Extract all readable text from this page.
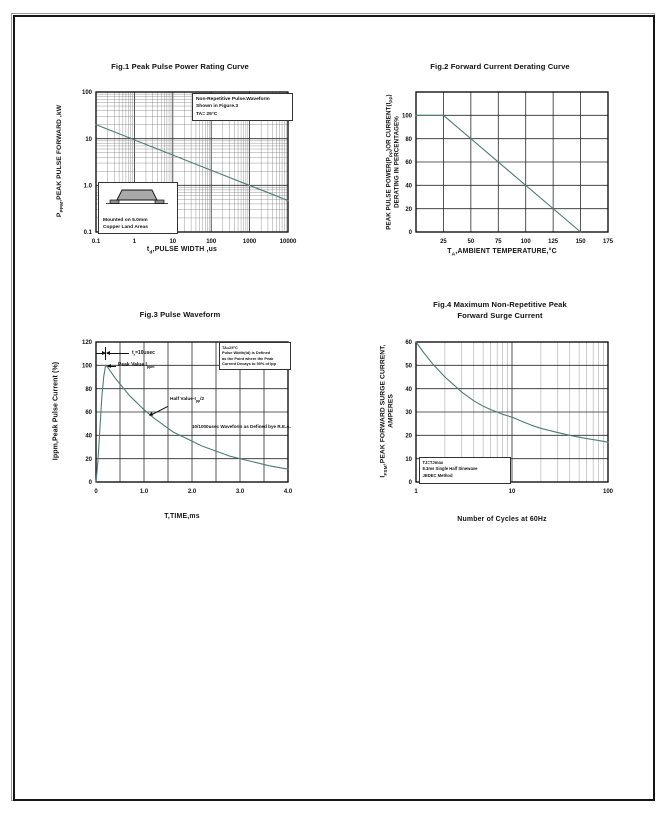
Fig.1 Peak Pulse Power Rating Curve
0.1	1	10	100	1000	10000
0.1
1.0
10
100
$t_d,PULSE$ WIDTH ,us
$P_{PPM},PEAK$ PULSE FORWARD ,kW
Non-Repetitive Pulse.Waveform
Shown in Figure.3
TA= 25°C
Mounted on 5.0mm
Copper Land Areas
Fig.2 Forward Current Derating Curve
25	50	75	100	125	150	175
0
20
40
60
80
100
$T_A,AMBIENT$ TEMPERATURE,°C
PEAK PULSE $POWER(P_{PP})OR$ $CURRENT(I_{PP})$
DERATING IN PERCENTAGE%
Fig.3 Pulse Waveform
0	1.0	2.0	3.0	4.0
0
20
40
60
80
100
120
T,TIME,ms
Ippm,Peak Pulse Current (%)
$t_r=10usec$
Peak Value $I_{ppm}$
TA=25°C
Pulse Width(td) is Defined
as the Point where the Peak
Current Decays to 50% of Ipp
Half Value-$I_{pp}/2$
10/1000usec Waveform as Defined bye R.E.A.
Fig.4 Maximum Non-Repetitive Peak
Forward Surge Current
1	10	100
0
10
20
30
40
50
60
Number of Cycles at 60Hz
$I_{FSM},PEAK$ FORWARD SURGE CURRENT, AMPERES
TJ=TJmax
8.3ms Single Half Sinewave
JEDEC Method
